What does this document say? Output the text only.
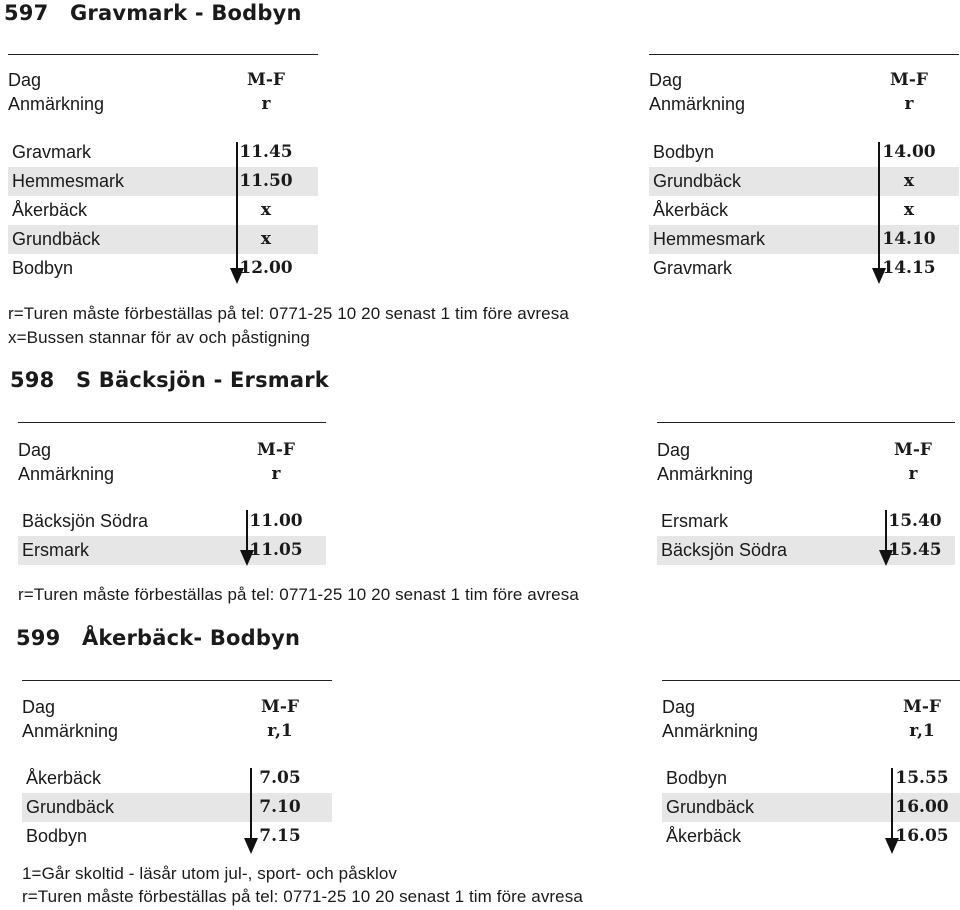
597 Gravmark - Bodbyn
Dag	M-F
Anmärkning	r
Gravmark	11.45
Hemmesmark	11.50
Åkerbäck	x
Grundbäck	x
Bodbyn	12.00
Dag	M-F
Anmärkning	r
Bodbyn	14.00
Grundbäck	x
Åkerbäck	x
Hemmesmark	14.10
Gravmark	14.15
r=Turen måste förbeställas på tel: 0771-25 10 20 senast 1 tim före avresa
x=Bussen stannar för av och påstigning
598 S Bäcksjön - Ersmark
Dag	M-F
Anmärkning	r
Bäcksjön Södra	11.00
Ersmark	11.05
Dag	M-F
Anmärkning	r
Ersmark	15.40
Bäcksjön Södra	15.45
r=Turen måste förbeställas på tel: 0771-25 10 20 senast 1 tim före avresa
599 Åkerbäck- Bodbyn
Dag	M-F
Anmärkning	r,1
Åkerbäck	7.05
Grundbäck	7.10
Bodbyn	7.15
Dag	M-F
Anmärkning	r,1
Bodbyn	15.55
Grundbäck	16.00
Åkerbäck	16.05
1=Går skoltid - läsår utom jul-, sport- och påsklov
r=Turen måste förbeställas på tel: 0771-25 10 20 senast 1 tim före avresa
